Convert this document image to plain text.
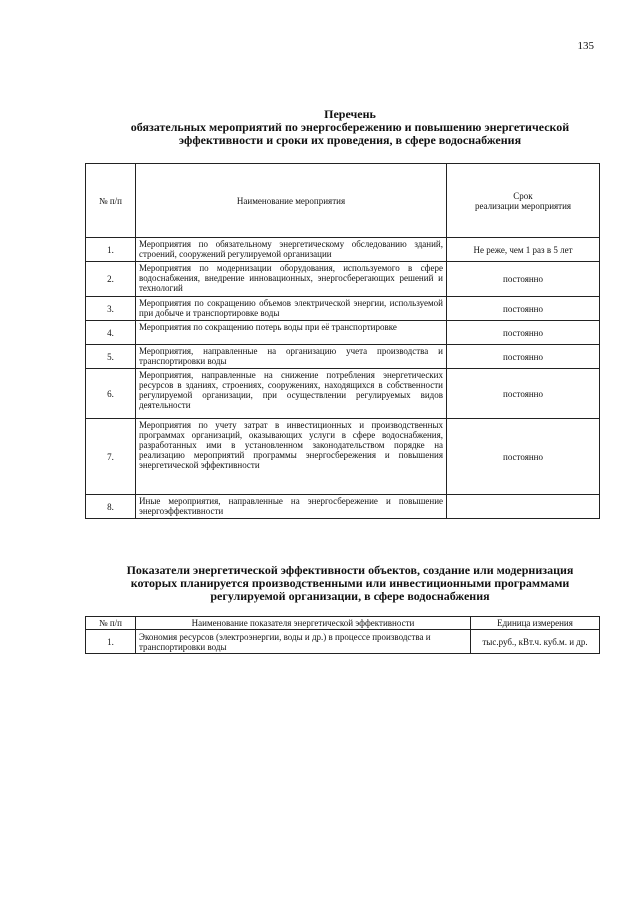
135
Перечень
обязательных мероприятий по энергосбережению и повышению энергетической
эффективности и сроки их проведения, в сфере водоснабжения
№ п/п	Наименование мероприятия	Срок
реализации мероприятия

1.	Мероприятия по обязательному энергетическому обследованию зданий, строений, сооружений регулируемой организации	Не реже, чем 1 раз в 5 лет
2.	Мероприятия по модернизации оборудования, используемого в сфере водоснабжения, внедрение инновационных, энергосберегающих решений и технологий	постоянно
3.	Мероприятия по сокращению объемов электрической энергии, используемой при добыче и транспортировке воды	постоянно
4.	Мероприятия по сокращению потерь воды при её транспортировке	постоянно
5.	Мероприятия, направленные на организацию учета производства и транспортировки воды	постоянно
6.	Мероприятия, направленные на снижение потребления энергетических ресурсов в зданиях, строениях, сооружениях, находящихся в собственности регулируемой организации, при осуществлении регулируемых видов деятельности	постоянно
7.	Мероприятия по учету затрат в инвестиционных и производственных программах организаций, оказывающих услуги в сфере водоснабжения, разработанных ими в установленном законодательством порядке на реализацию мероприятий программы энергосбережения и повышения энергетической эффективности	постоянно
8.	Иные мероприятия, направленные на энергосбережение и повышение энергоэффективности	
Показатели энергетической эффективности объектов, создание или модернизация
которых планируется производственными или инвестиционными программами
регулируемой организации, в сфере водоснабжения
№ п/п	Наименование показателя энергетической эффективности	Единица измерения
1.	Экономия ресурсов (электроэнергии, воды и др.) в процессе производства и транспортировки воды	тыс.руб., кВт.ч. куб.м. и др.
